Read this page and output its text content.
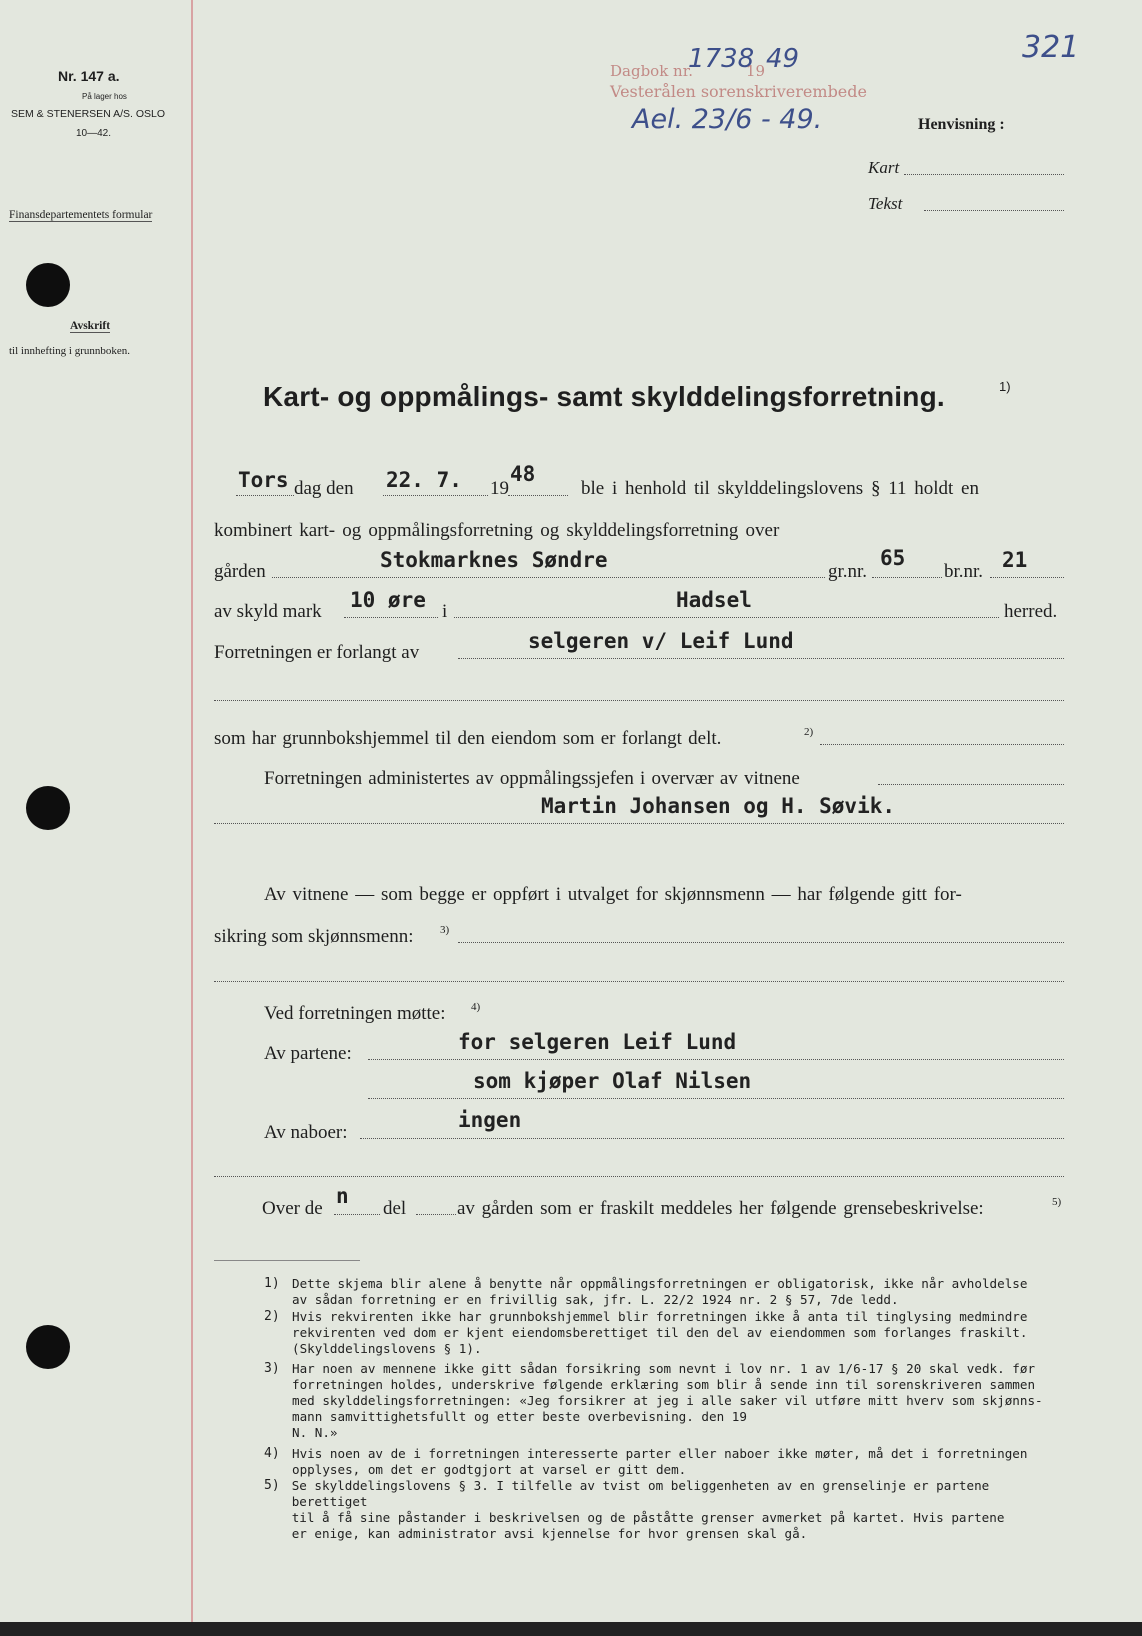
Nr. 147 a.
På lager hos
SEM & STENERSEN A/S. OSLO
10—42.
Finansdepartementets formular
Avskrift
til innhefting i grunnboken.
Dagbok nr.
1738
19 49
Vesterålen sorenskriverembede
Ael. 23/6 - 49.
321
Henvisning :
Kart
Tekst
Kart- og oppmålings- samt skylddelingsforretning.	1)
Tors dag den 22. 7. 19
48
ble i henhold til skylddelingslovens § 11 holdt en
kombinert kart- og oppmålingsforretning og skylddelingsforretning over
gården	Stokmarknes Søndre	gr.nr.
65
br.nr. 21
av skyld mark 10 øre i	Hadsel	herred.
Forretningen er forlangt av	selgeren v/ Leif Lund
som har grunnbokshjemmel til den eiendom som er forlangt delt.	2)
Forretningen administertes av oppmålingssjefen i overvær av vitnene
Martin Johansen og H. Søvik.
Av vitnene — som begge er oppført i utvalget for skjønnsmenn — har følgende gitt for-
sikring som skjønnsmenn: 3)
Ved forretningen møtte: 4)
Av partene:	for selgeren Leif Lund
som kjøper Olaf Nilsen
Av naboer:
ingen
Over de
n
del	av gården som er fraskilt meddeles her følgende grensebeskrivelse:	5)
1) Dette skjema blir alene å benytte når oppmålingsforretningen er obligatorisk, ikke når avholdelse
av sådan forretning er en frivillig sak, jfr. L. 22/2 1924 nr. 2 § 57, 7de ledd.
2) Hvis rekvirenten ikke har grunnbokshjemmel blir forretningen ikke å anta til tinglysing medmindre
rekvirenten ved dom er kjent eiendomsberettiget til den del av eiendommen som forlanges fraskilt.
(Skylddelingslovens § 1).
3) Har noen av mennene ikke gitt sådan forsikring som nevnt i lov nr. 1 av 1/6-17 § 20 skal vedk. før
forretningen holdes, underskrive følgende erklæring som blir å sende inn til sorenskriveren sammen
med skylddelingsforretningen: «Jeg forsikrer at jeg i alle saker vil utføre mitt hverv som skjønns-
mann samvittighetsfullt og etter beste overbevisning. den 19
N. N.»
4) Hvis noen av de i forretningen interesserte parter eller naboer ikke møter, må det i forretningen
opplyses, om det er godtgjort at varsel er gitt dem.
5) Se skylddelingslovens § 3. I tilfelle av tvist om beliggenheten av en grenselinje er partene berettiget
til å få sine påstander i beskrivelsen og de påståtte grenser avmerket på kartet. Hvis partene
er enige, kan administrator avsi kjennelse for hvor grensen skal gå.
